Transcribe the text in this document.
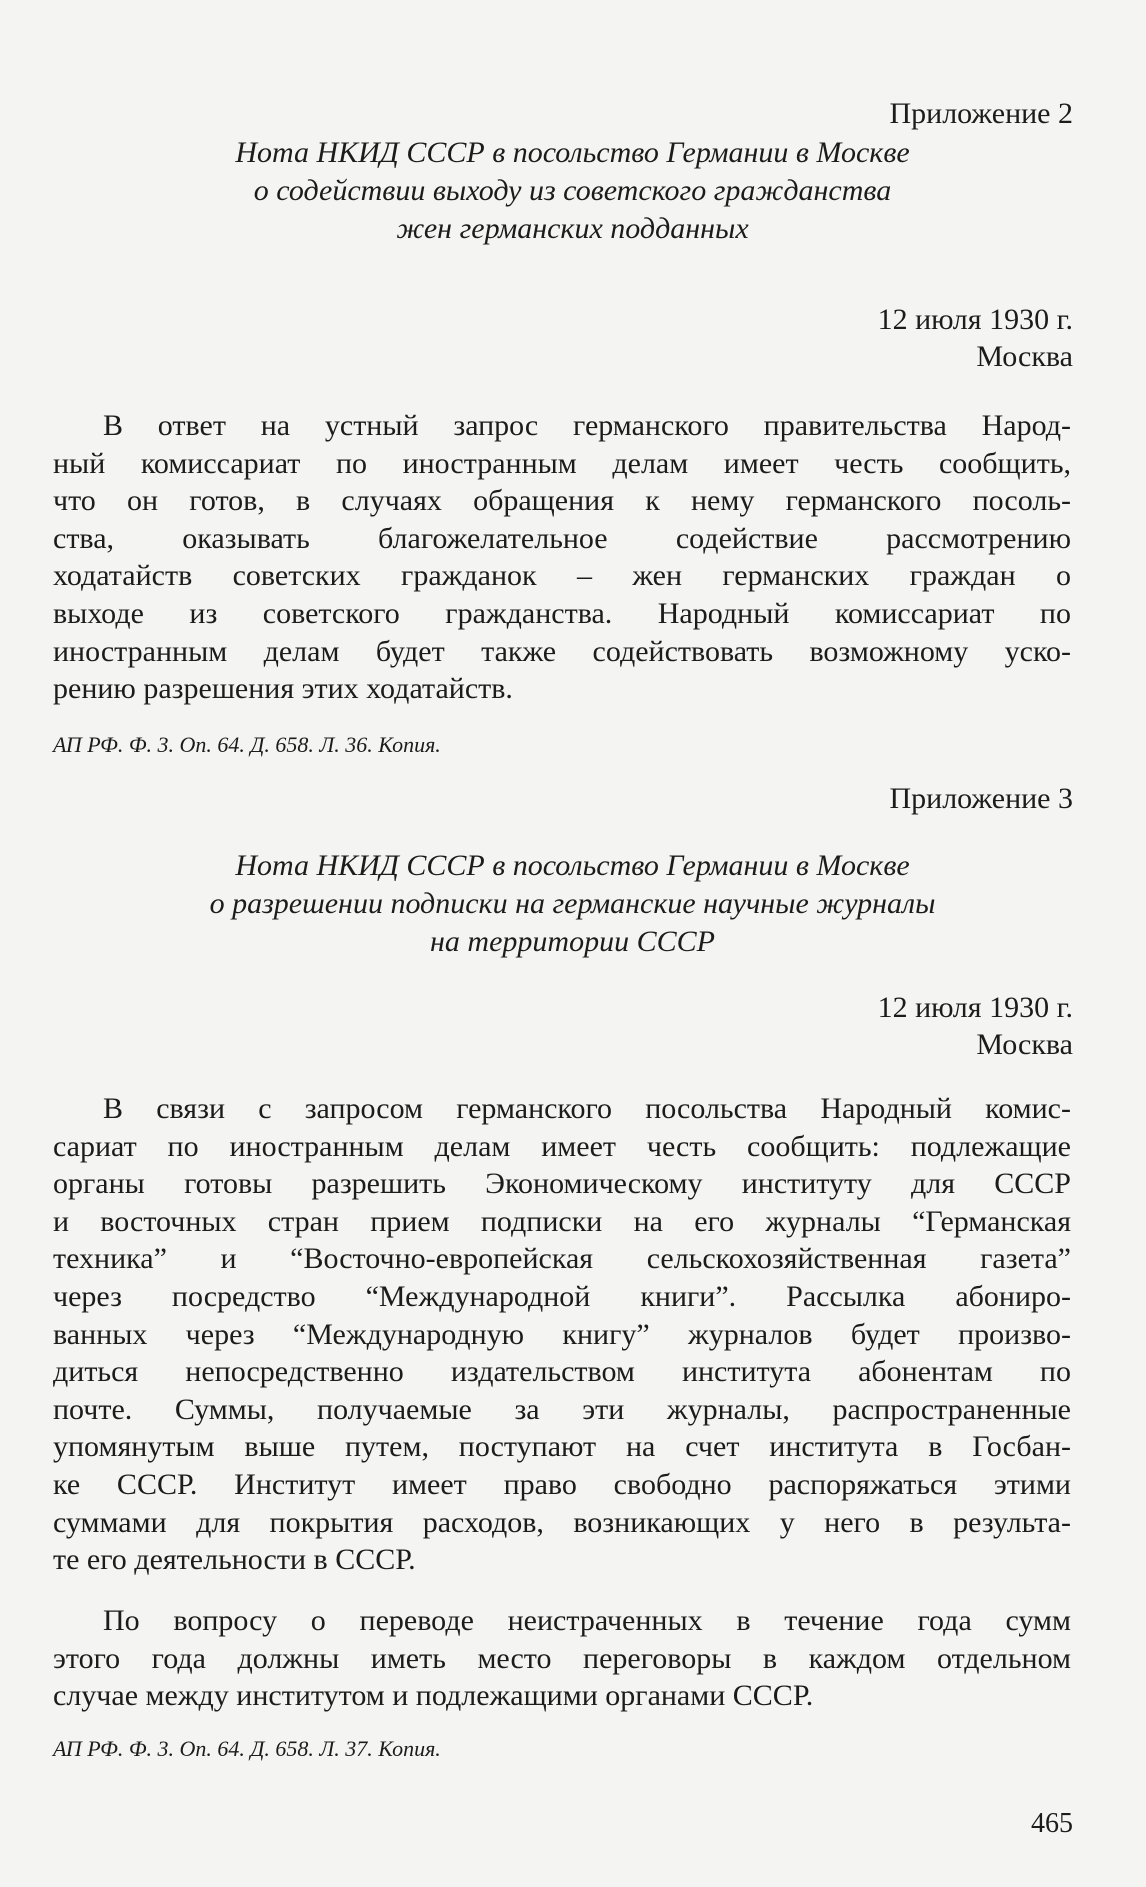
Приложение 2
Нота НКИД СССР в посольство Германии в Москве
о содействии выходу из советского гражданства
жен германских подданных
12 июля 1930 г.
Москва

В ответ на устный запрос германского правительства Народ-
ный комиссариат по иностранным делам имеет честь сообщить,
что он готов, в случаях обращения к нему германского посоль-
ства, оказывать благожелательное содействие рассмотрению
ходатайств советских гражданок – жен германских граждан о
выходе из советского гражданства. Народный комиссариат по
иностранным делам будет также содействовать возможному уско-
рению разрешения этих ходатайств.

АП РФ. Ф. 3. Оп. 64. Д. 658. Л. 36. Копия.
Приложение 3
Нота НКИД СССР в посольство Германии в Москве
о разрешении подписки на германские научные журналы
на территории СССР
12 июля 1930 г.
Москва

В связи с запросом германского посольства Народный комис-
сариат по иностранным делам имеет честь сообщить: подлежащие
органы готовы разрешить Экономическому институту для СССР
и восточных стран прием подписки на его журналы “Германская
техника” и “Восточно-европейская сельскохозяйственная газета”
через посредство “Международной книги”. Рассылка абониро-
ванных через “Международную книгу” журналов будет произво-
диться непосредственно издательством института абонентам по
почте. Суммы, получаемые за эти журналы, распространенные
упомянутым выше путем, поступают на счет института в Госбан-
ке СССР. Институт имеет право свободно распоряжаться этими
суммами для покрытия расходов, возникающих у него в результа-
те его деятельности в СССР.

По вопросу о переводе неистраченных в течение года сумм
этого года должны иметь место переговоры в каждом отдельном
случае между институтом и подлежащими органами СССР.

АП РФ. Ф. 3. Оп. 64. Д. 658. Л. 37. Копия.
465
